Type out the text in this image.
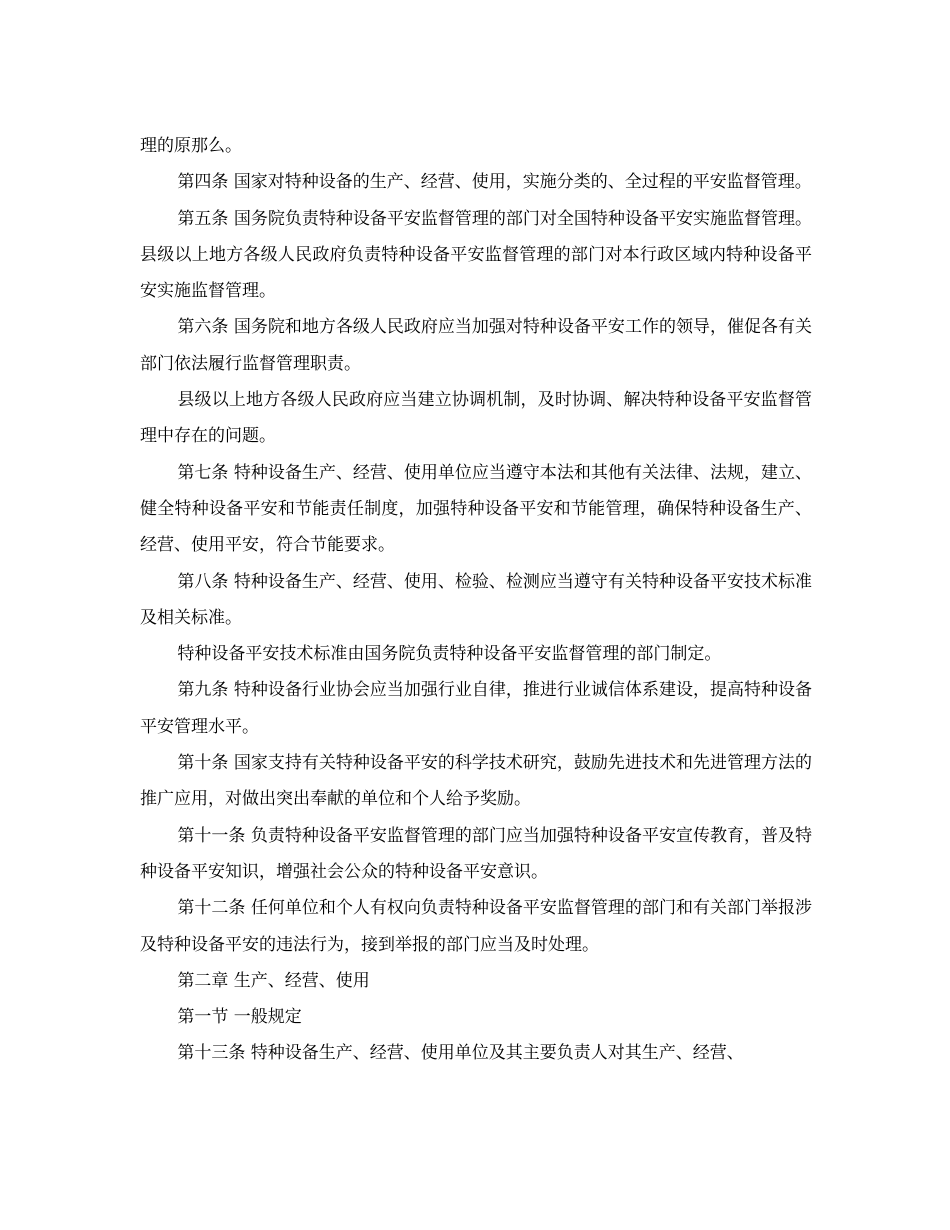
理的原那么。

第四条 国家对特种设备的生产、经营、使用，实施分类的、全过程的平安监督管理。

第五条 国务院负责特种设备平安监督管理的部门对全国特种设备平安实施监督管理。县级以上地方各级人民政府负责特种设备平安监督管理的部门对本行政区域内特种设备平安实施监督管理。

第六条 国务院和地方各级人民政府应当加强对特种设备平安工作的领导，催促各有关部门依法履行监督管理职责。

县级以上地方各级人民政府应当建立协调机制，及时协调、解决特种设备平安监督管理中存在的问题。

第七条 特种设备生产、经营、使用单位应当遵守本法和其他有关法律、法规，建立、健全特种设备平安和节能责任制度，加强特种设备平安和节能管理，确保特种设备生产、经营、使用平安，符合节能要求。

第八条 特种设备生产、经营、使用、检验、检测应当遵守有关特种设备平安技术标准及相关标准。

特种设备平安技术标准由国务院负责特种设备平安监督管理的部门制定。

第九条 特种设备行业协会应当加强行业自律，推进行业诚信体系建设，提高特种设备平安管理水平。

第十条 国家支持有关特种设备平安的科学技术研究，鼓励先进技术和先进管理方法的推广应用，对做出突出奉献的单位和个人给予奖励。

第十一条 负责特种设备平安监督管理的部门应当加强特种设备平安宣传教育，普及特种设备平安知识，增强社会公众的特种设备平安意识。

第十二条 任何单位和个人有权向负责特种设备平安监督管理的部门和有关部门举报涉及特种设备平安的违法行为，接到举报的部门应当及时处理。

第二章 生产、经营、使用

第一节 一般规定

第十三条 特种设备生产、经营、使用单位及其主要负责人对其生产、经营、
